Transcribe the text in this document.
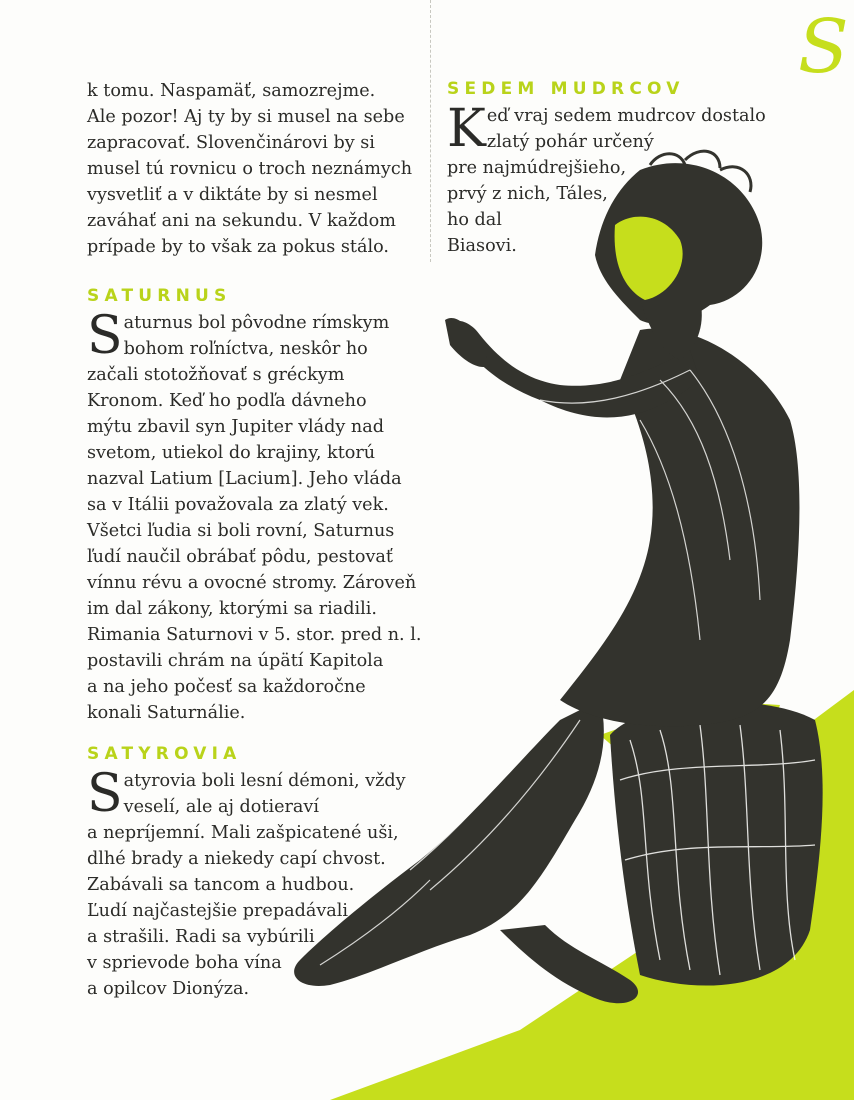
S
k tomu. Naspamäť, samozrejme.
Ale pozor! Aj ty by si musel na sebe
zapracovať. Slovenčinárovi by si
musel tú rovnicu o troch neznámych
vysvetliť a v diktáte by si nesmel
zaváhať ani na sekundu. V každom
prípade by to však za pokus stálo.
SATURNUS
S aturnus bol pôvodne rímskym
bohom roľníctva, neskôr ho
začali stotožňovať s gréckym
Kronom. Keď ho podľa dávneho
mýtu zbavil syn Jupiter vlády nad
svetom, utiekol do krajiny, ktorú
nazval Latium [Lacium]. Jeho vláda
sa v Itálii považovala za zlatý vek.
Všetci ľudia si boli rovní, Saturnus
ľudí naučil obrábať pôdu, pestovať
vínnu révu a ovocné stromy. Zároveň
im dal zákony, ktorými sa riadili.
Rimania Saturnovi v 5. stor. pred n. l.
postavili chrám na úpätí Kapitola
a na jeho počesť sa každoročne
konali Saturnálie.
SATYROVIA
S atyrovia boli lesní démoni, vždy
veselí, ale aj dotieraví
a nepríjemní. Mali zašpicatené uši,
dlhé brady a niekedy capí chvost.
Zabávali sa tancom a hudbou.
Ľudí najčastejšie prepadávali
a strašili. Radi sa vybúrili
v sprievode boha vína
a opilcov Dionýza.
SEDEM MUDRCOV
K eď vraj sedem mudrcov dostalo
zlatý pohár určený
pre najmúdrejšieho,
prvý z nich, Táles,
ho dal
Biasovi.
